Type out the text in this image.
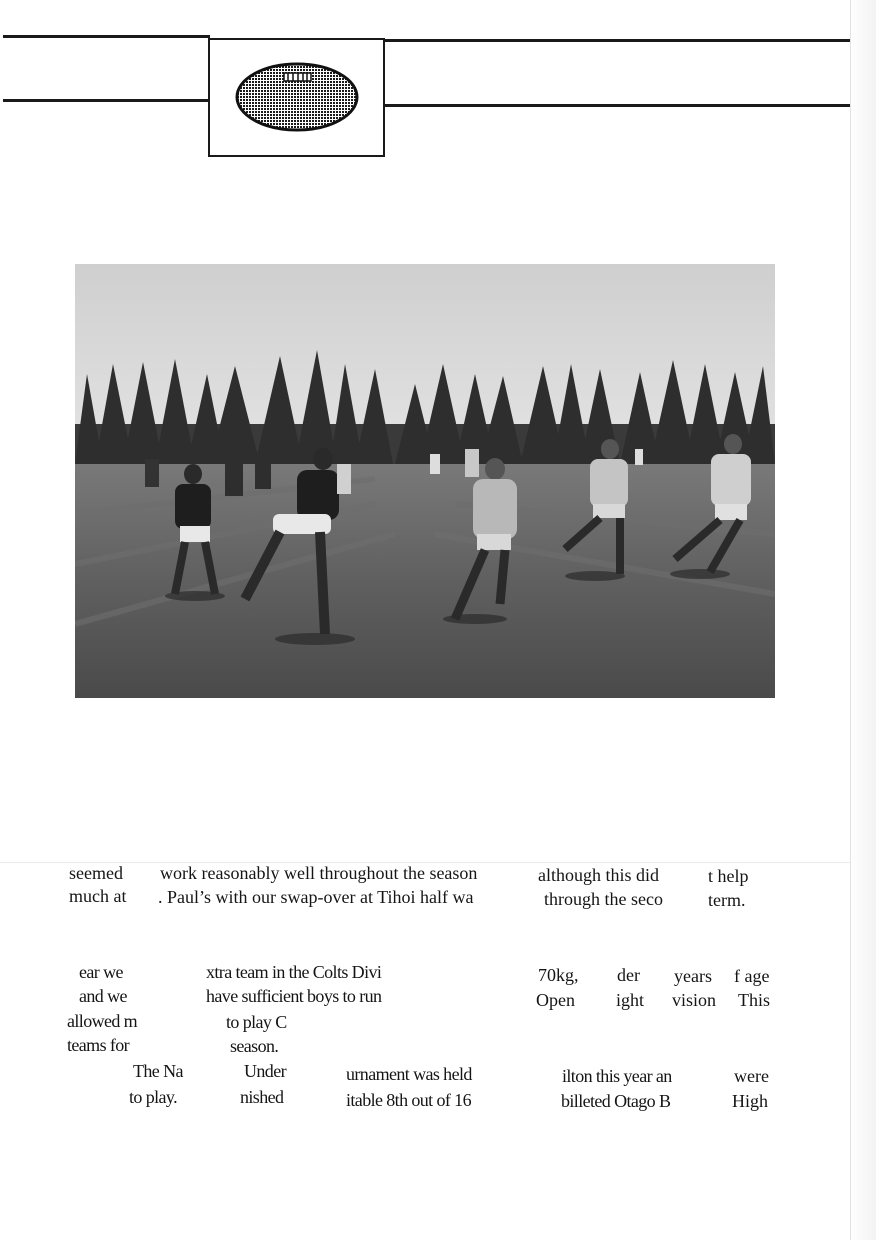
seemed work reasonably well throughout the season	although this did	t help
much at . Paul’s with our swap-over at Tihoi half wa	through the seco	term.
ear we	xtra team in the Colts Divi	70kg, der years f age
and we	have sufficient boys to run	Open ight vision This
allowed m	to play C
teams for	season.
The Na	Under	urnament was held	ilton this year an	were
to play.	nished	itable 8th out of 16	billeted Otago B	High
